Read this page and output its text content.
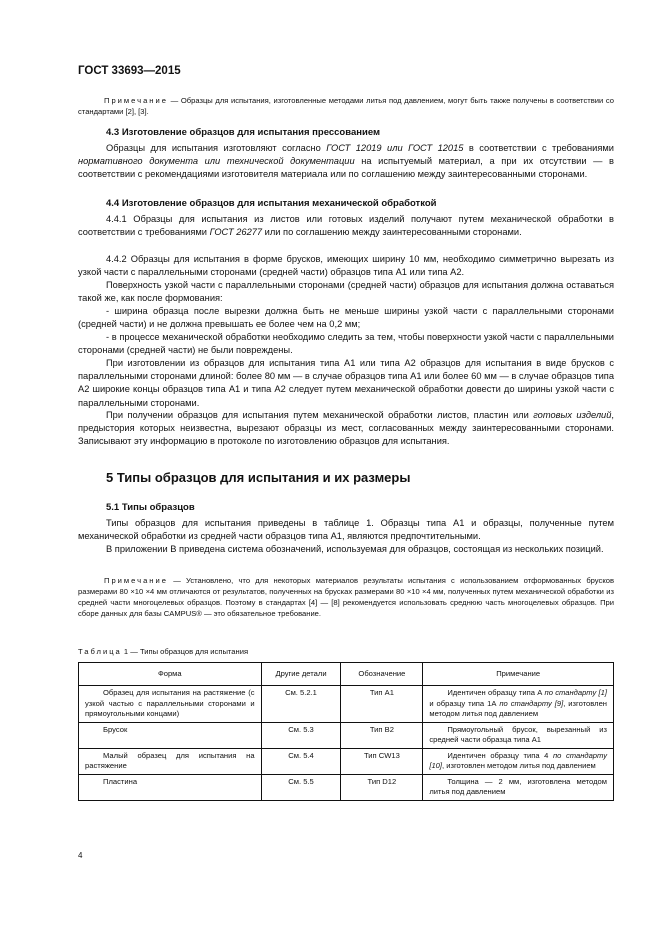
ГОСТ 33693—2015
Примечание — Образцы для испытания, изготовленные методами литья под давлением, могут быть также получены в соответствии со стандартами [2], [3].
4.3 Изготовление образцов для испытания прессованием
Образцы для испытания изготовляют согласно ГОСТ 12019 или ГОСТ 12015 в соответствии с требованиями нормативного документа или технической документации на испытуемый материал, а при их отсутствии — в соответствии с рекомендациями изготовителя материала или по соглашению между заинтересованными сторонами.
4.4 Изготовление образцов для испытания механической обработкой
4.4.1 Образцы для испытания из листов или готовых изделий получают путем механической обработки в соответствии с требованиями ГОСТ 26277 или по соглашению между заинтересованными сторонами.
4.4.2 Образцы для испытания в форме брусков, имеющих ширину 10 мм, необходимо симметрично вырезать из узкой части с параллельными сторонами (средней части) образцов типа А1 или типа А2.
Поверхность узкой части с параллельными сторонами (средней части) образцов для испытания должна оставаться такой же, как после формования:
- ширина образца после вырезки должна быть не меньше ширины узкой части с параллельными сторонами (средней части) и не должна превышать ее более чем на 0,2 мм;
- в процессе механической обработки необходимо следить за тем, чтобы поверхности узкой части с параллельными сторонами (средней части) не были повреждены.
При изготовлении из образцов для испытания типа А1 или типа А2 образцов для испытания в виде брусков с параллельными сторонами длиной: более 80 мм — в случае образцов типа А1 или более 60 мм — в случае образцов типа А2 широкие концы образцов типа А1 и типа А2 следует путем механической обработки довести до ширины узкой части с параллельными сторонами.
При получении образцов для испытания путем механической обработки листов, пластин или готовых изделий, предыстория которых неизвестна, вырезают образцы из мест, согласованных между заинтересованными сторонами. Записывают эту информацию в протоколе по изготовлению образцов для испытания.
5 Типы образцов для испытания и их размеры
5.1 Типы образцов
Типы образцов для испытания приведены в таблице 1. Образцы типа А1 и образцы, полученные путем механической обработки из средней части образцов типа А1, являются предпочтительными.
В приложении В приведена система обозначений, используемая для образцов, состоящая из нескольких позиций.
Примечание — Установлено, что для некоторых материалов результаты испытания с использованием отформованных брусков размерами 80 ×10 ×4 мм отличаются от результатов, полученных на брусках размерами 80 ×10 ×4 мм, полученных путем механической обработки из средней части многоцелевых образцов. Поэтому в стандартах [4] — [8] рекомендуется использовать среднюю часть многоцелевых образцов. При сборе данных для базы CAMPUS® — это обязательное требование.
Таблица 1 — Типы образцов для испытания
Форма	Другие детали	Обозначение	Примечание
Образец для испытания на растяжение (с узкой частью с параллельными сторонами и прямоугольными концами)	См. 5.2.1	Тип А1	Идентичен образцу типа А по стандарту [1] и образцу типа 1А по стандарту [9], изготовлен методом литья под давлением
Брусок	См. 5.3	Тип В2	Прямоугольный брусок, вырезанный из средней части образца типа А1
Малый образец для испытания на растяжение	См. 5.4	Тип CW13	Идентичен образцу типа 4 по стандарту [10], изготовлен методом литья под давлением
Пластина	См. 5.5	Тип D12	Толщина — 2 мм, изготовлена методом литья под давлением
4
